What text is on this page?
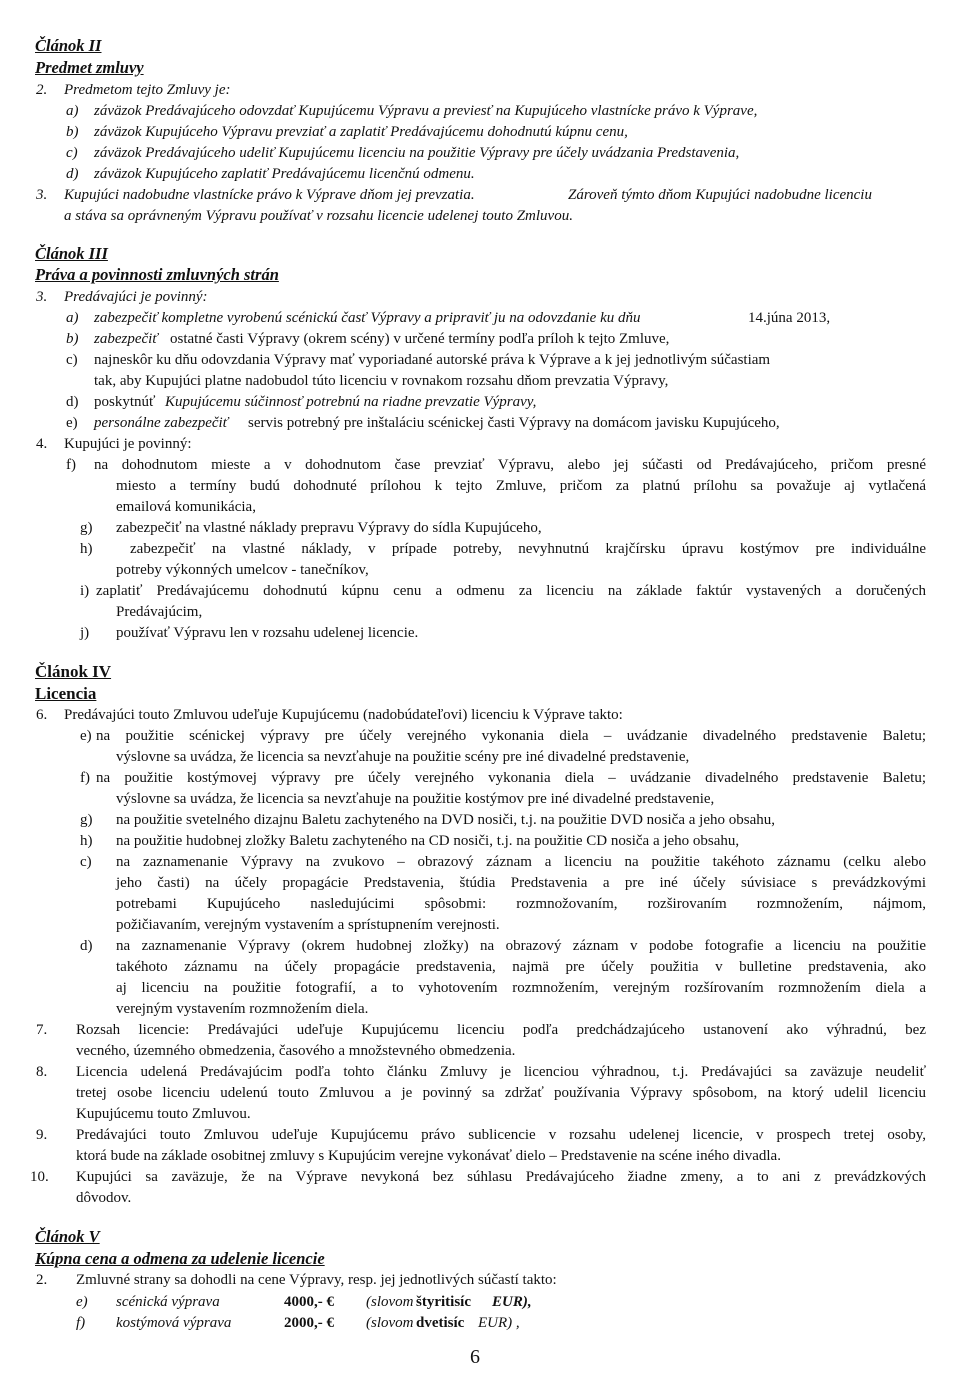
Článok II
Predmet zmluvy
2. Predmetom tejto Zmluvy je:
a) záväzok Predávajúceho odovzdať Kupujúcemu Výpravu a previesť na Kupujúceho vlastnícke právo k Výprave,
b) záväzok Kupujúceho Výpravu prevziať a zaplatiť Predávajúcemu dohodnutú kúpnu cenu,
c) záväzok Predávajúceho udeliť Kupujúcemu licenciu na použitie Výpravy pre účely uvádzania Predstavenia,
d) záväzok Kupujúceho zaplatiť Predávajúcemu licenčnú odmenu.
3. Kupujúci nadobudne vlastnícke právo k Výprave dňom jej prevzatia.	Zároveň týmto dňom Kupujúci nadobudne licenciu
a stáva sa oprávneným Výpravu používať v rozsahu licencie udelenej touto Zmluvou.
Článok III
Práva a povinnosti zmluvných strán
3. Predávajúci je povinný:
a) zabezpečiť kompletne vyrobenú scénickú časť Výpravy a pripraviť ju na odovzdanie ku dňu	14.júna 2013,
b) zabezpečiť ostatné časti Výpravy (okrem scény) v určené termíny podľa príloh k tejto Zmluve,
c) najneskôr ku dňu odovzdania Výpravy mať vyporiadané autorské práva k Výprave a k jej jednotlivým súčastiam
tak, aby Kupujúci platne nadobudol túto licenciu v rovnakom rozsahu dňom prevzatia Výpravy,
d) poskytnúť Kupujúcemu súčinnosť potrebnú na riadne prevzatie Výpravy,
e) personálne zabezpečiť servis potrebný pre inštaláciu scénickej časti Výpravy na domácom javisku Kupujúceho,
4. Kupujúci je povinný:
f) na dohodnutom mieste a v dohodnutom čase prevziať Výpravu, alebo jej súčasti od Predávajúceho, pričom presné
miesto a termíny budú dohodnuté prílohou k tejto Zmluve, pričom za platnú prílohu sa považuje aj vytlačená
emailová komunikácia,
g) zabezpečiť na vlastné náklady prepravu Výpravy do sídla Kupujúceho,
h)	zabezpečiť na vlastné náklady, v prípade potreby, nevyhnutnú krajčírsku úpravu kostýmov pre individuálne
potreby výkonných umelcov - tanečníkov,
i) zaplatiť Predávajúcemu dohodnutú kúpnu cenu a odmenu za licenciu na základe faktúr vystavených a doručených
Predávajúcim,
j) používať Výpravu len v rozsahu udelenej licencie.
Článok IV
Licencia
6. Predávajúci touto Zmluvou udeľuje Kupujúcemu (nadobúdateľovi) licenciu k Výprave takto:
e) na použitie scénickej výpravy pre účely verejného vykonania diela – uvádzanie divadelného predstavenie Baletu;
výslovne sa uvádza, že licencia sa nevzťahuje na použitie scény pre iné divadelné predstavenie,
f) na použitie kostýmovej výpravy pre účely verejného vykonania diela – uvádzanie divadelného predstavenie Baletu;
výslovne sa uvádza, že licencia sa nevzťahuje na použitie kostýmov pre iné divadelné predstavenie,
g) na použitie svetelného dizajnu Baletu zachyteného na DVD nosiči, t.j. na použitie DVD nosiča a jeho obsahu,
h) na použitie hudobnej zložky Baletu zachyteného na CD nosiči, t.j. na použitie CD nosiča a jeho obsahu,
c) na zaznamenanie Výpravy na zvukovo – obrazový záznam a licenciu na použitie takéhoto záznamu (celku alebo
jeho časti) na účely propagácie Predstavenia, štúdia Predstavenia a pre iné účely súvisiace s prevádzkovými
potrebami Kupujúceho nasledujúcimi spôsobmi: rozmnožovaním, rozširovaním rozmnožením, nájmom,
požičiavaním, verejným vystavením a sprístupnením verejnosti.
d) na zaznamenanie Výpravy (okrem hudobnej zložky) na obrazový záznam v podobe fotografie a licenciu na použitie
takéhoto záznamu na účely propagácie predstavenia, najmä pre účely použitia v bulletine predstavenia, ako
aj licenciu na použitie fotografií, a to vyhotovením rozmnožením, verejným rozšírovaním rozmnožením diela a
verejným vystavením rozmnožením diela.
7. Rozsah licencie: Predávajúci udeľuje Kupujúcemu licenciu podľa predchádzajúceho ustanovení ako výhradnú, bez
vecného, územného obmedzenia, časového a množstevného obmedzenia.
8. Licencia udelená Predávajúcim podľa tohto článku Zmluvy je licenciou výhradnou, t.j. Predávajúci sa zaväzuje neudeliť
tretej osobe licenciu udelenú touto Zmluvou a je povinný sa zdržať používania Výpravy spôsobom, na ktorý udelil licenciu
Kupujúcemu touto Zmluvou.
9. Predávajúci touto Zmluvou udeľuje Kupujúcemu právo sublicencie v rozsahu udelenej licencie, v prospech tretej osoby,
ktorá bude na základe osobitnej zmluvy s Kupujúcim verejne vykonávať dielo – Predstavenie na scéne iného divadla.
10. Kupujúci sa zaväzuje, že na Výprave nevykoná bez súhlasu Predávajúceho žiadne zmeny, a to ani z prevádzkových
dôvodov.
Článok V
Kúpna cena a odmena za udelenie licencie
2. Zmluvné strany sa dohodli na cene Výpravy, resp. jej jednotlivých súčastí takto:
e) scénická výprava	4000,- € (slovom štyritisíc EUR),
f) kostýmová výprava	2000,- € (slovom dvetisíc EUR) ,
6
